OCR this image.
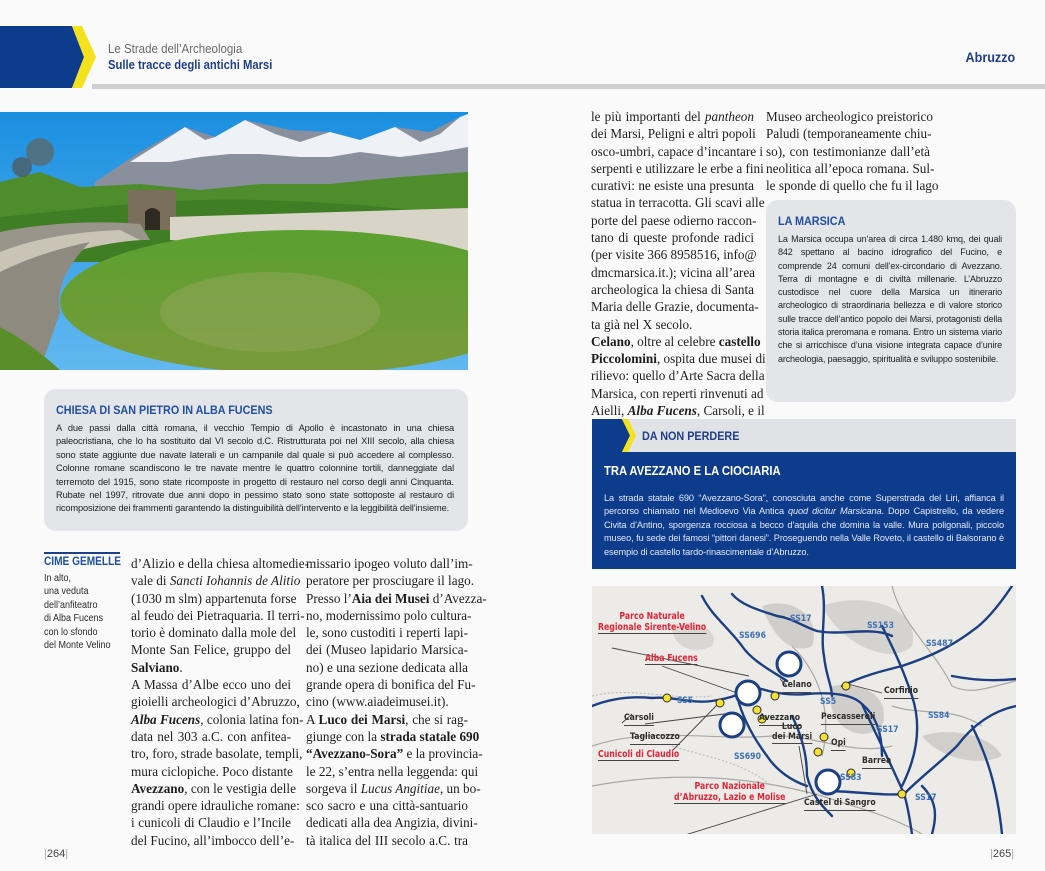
Le Strade dell’Archeologia
Sulle tracce degli antichi Marsi	Abruzzo
CHIESA DI SAN PIETRO IN ALBA FUCENS

A due passi dalla città romana, il vecchio Tempio di Apollo è incastonato in una chiesa paleocristiana, che lo ha sostituito dal VI secolo d.C. Ristrutturata poi nel XIII secolo, alla chiesa sono state aggiunte due navate laterali e un campanile dal quale si può accedere al complesso. Colonne romane scandiscono le tre navate mentre le quattro colonnine tortili, danneggiate dal terremoto del 1915, sono state ricomposte in progetto di restauro nel corso degli anni Cinquanta. Rubate nel 1997, ritrovate due anni dopo in pessimo stato sono state sottoposte al restauro di ricomposizione dei frammenti garantendo la distinguibilità dell’intervento e la leggibilità dell’insieme.

CIME GEMELLE
In alto,
una veduta
dell’anfiteatro
di Alba Fucens
con lo sfondo
del Monte Velino
d’Alizio e della chiesa altomedie-
vale di Sancti Iohannis de Alitio
(1030 m slm) appartenuta forse
al feudo dei Pietraquaria. Il terri-
torio è dominato dalla mole del
Monte San Felice, gruppo del
Salviano.
A Massa d’Albe ecco uno dei
gioielli archeologici d’Abruzzo,
Alba Fucens, colonia latina fon-
data nel 303 a.C. con anfitea-
tro, foro, strade basolate, templi,
mura ciclopiche. Poco distante
Avezzano, con le vestigia delle
grandi opere idrauliche romane:
i cunicoli di Claudio e l’Incile
del Fucino, all’imbocco dell’e-
missario ipogeo voluto dall’im-
peratore per prosciugare il lago.
Presso l’Aia dei Musei d’Avezza-
no, modernissimo polo cultura-
le, sono custoditi i reperti lapi-
dei (Museo lapidario Marsica-
no) e una sezione dedicata alla
grande opera di bonifica del Fu-
cino (www.aiadeimusei.it).
A Luco dei Marsi, che si rag-
giunge con la strada statale 690
“Avezzano-Sora” e la provincia-
le 22, s’entra nella leggenda: qui
sorgeva il Lucus Angitiae, un bo-
sco sacro e una città-santuario
dedicati alla dea Angizia, divini-
tà italica del III secolo a.C. tra
le più importanti del pantheon
dei Marsi, Peligni e altri popoli
osco-umbri, capace d’incantare i
serpenti e utilizzare le erbe a fini
curativi: ne esiste una presunta
statua in terracotta. Gli scavi alle
porte del paese odierno raccon-
tano di queste profonde radici
(per visite 366 8958516, info@
dmcmarsica.it.); vicina all’area
archeologica la chiesa di Santa
Maria delle Grazie, documenta-
ta già nel X secolo.
Celano, oltre al celebre castello
Piccolomini, ospita due musei di
rilievo: quello d’Arte Sacra della
Marsica, con reperti rinvenuti ad
Aielli, Alba Fucens, Carsoli, e il
Museo archeologico preistorico
Paludi (temporaneamente chiu-
so), con testimonianze dall’età
neolitica all’epoca romana. Sul-
le sponde di quello che fu il lago
LA MARSICA

La Marsica occupa un’area di circa 1.480 kmq, dei quali 842 spettano al bacino idrografico del Fucino, e comprende 24 comuni dell’ex-circondario di Avezzano. Terra di montagne e di civiltà millenarie. L’Abruzzo custodisce nel cuore della Marsica un itinerario archeologico di straordinaria bellezza e di valore storico sulle tracce dell’antico popolo dei Marsi, protagonisti della storia italica preromana e romana. Entro un sistema viario che si arricchisce d’una visione integrata capace d’unire archeologia, paesaggio, spiritualità e sviluppo sostenibile.

DA NON PERDERE
TRA AVEZZANO E LA CIOCIARIA

La strada statale 690 “Avezzano-Sora”, conosciuta anche come Superstrada del Liri, affianca il percorso chiamato nel Medioevo Via Antica quod dicitur Marsicana. Dopo Capistrello, da vedere Civita d’Antino, sporgenza rocciosa a becco d’aquila che domina la valle. Mura poligonali, piccolo museo, fu sede dei famosi “pittori danesi”. Proseguendo nella Valle Roveto, il castello di Balsorano è esempio di castello tardo-rinascimentale d’Abruzzo.

Parco Naturale
Regionale Sirente-Velino
Alba Fucens
Cunicoli di Claudio
Parco Nazionale
d’Abruzzo, Lazio e Molise
Carsoli
Tagliacozzo
Celano
Avezzano Pescasseroli
Luco
dei Marsi
Opi
Corfinio
Barrea
Castel di Sangro
SS17
SS696
SS153
SS487
SS5	SS5
SS84
SS17
SS690
SS83
SS17
|264|	|265|
